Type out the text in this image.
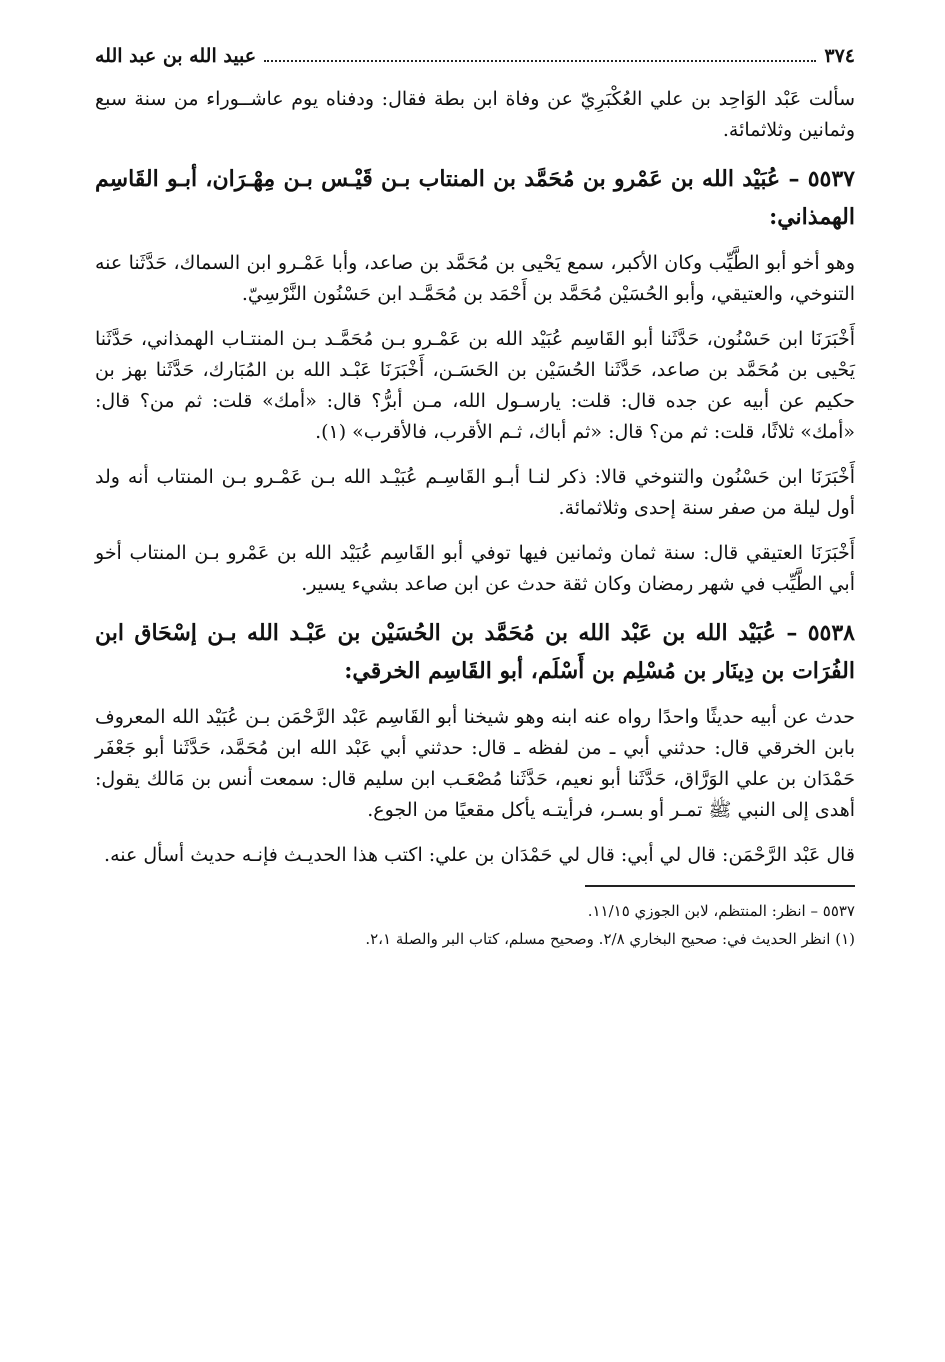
٣٧٤
عبيد الله بن عبد الله

سألت عَبْد الوَاحِد بن علي العُكْبَرِيّ عن وفاة ابن بطة فقال: ودفناه يوم عاشــوراء من سنة سبع وثمانين وثلاثمائة.

٥٥٣٧ – عُبَيْد الله بن عَمْرو بن مُحَمَّد بن المنتاب بـن قَيْـس بـن مِهْـرَان، أبـو القَاسِم الهمذاني:

وهو أخو أبو الطَّيِّب وكان الأكبر، سمع يَحْيى بن مُحَمَّد بن صاعد، وأبا عَمْـرو ابن السماك، حَدَّثَنا عنه التنوخي، والعتيقي، وأبو الحُسَيْن مُحَمَّد بن أَحْمَد بن مُحَمَّـد ابن حَسْنُون النَّرْسِيّ.

أَخْبَرَنَا ابن حَسْنُون، حَدَّثَنا أبو القَاسِم عُبَيْد الله بن عَمْـرو بـن مُحَمَّـد بـن المنتـاب الهمذاني، حَدَّثَنا يَحْيى بن مُحَمَّد بن صاعد، حَدَّثَنا الحُسَيْن بن الحَسَـن، أَخْبَرَنَا عَبْـد الله بن المُبَارك، حَدَّثَنا بهز بن حكيم عن أبيه عن جده قال: قلت: يارسـول الله، مـن أبرُّ؟ قال: «أمك» قلت: ثم من؟ قال: «أمك» ثلاثًا، قلت: ثم من؟ قال: «ثم أباك، ثـم الأقرب، فالأقرب» (١).

أَخْبَرَنَا ابن حَسْنُون والتنوخي قالا: ذكر لنـا أبـو القَاسِـم عُبَيْـد الله بـن عَمْـرو بـن المنتاب أنه ولد أول ليلة من صفر سنة إحدى وثلاثمائة.

أَخْبَرَنَا العتيقي قال: سنة ثمان وثمانين فيها توفي أبو القَاسِم عُبَيْد الله بن عَمْرو بـن المنتاب أخو أبي الطَّيِّب في شهر رمضان وكان ثقة حدث عن ابن صاعد بشيء يسير.

٥٥٣٨ – عُبَيْد الله بن عَبْد الله بن مُحَمَّد بن الحُسَيْن بن عَبْـد الله بـن إسْحَاق ابن الفُرَات بن دِينَار بن مُسْلِم بن أَسْلَم، أبو القَاسِم الخرقي:

حدث عن أبيه حديثًا واحدًا رواه عنه ابنه وهو شيخنا أبو القَاسِم عَبْد الرَّحْمَن بـن عُبَيْد الله المعروف بابن الخرقي قال: حدثني أبي ـ من لفظه ـ قال: حدثني أبي عَبْد الله ابن مُحَمَّد، حَدَّثَنا أبو جَعْفَر حَمْدَان بن علي الوَرَّاق، حَدَّثَنا أبو نعيم، حَدَّثَنا مُصْعَـب ابن سليم قال: سمعت أنس بن مَالك يقول: أهدى إلى النبي ﷺ تمـر أو بسـر، فرأيتـه يأكل مقعيًا من الجوع.

قال عَبْد الرَّحْمَن: قال لي أبي: قال لي حَمْدَان بن علي: اكتب هذا الحديـث فإنـه حديث أسأل عنه.

٥٥٣٧ – انظر: المنتظم، لابن الجوزي ١١/١٥.

(١) انظر الحديث في: صحيح البخاري ٢/٨. وصحيح مسلم، كتاب البر والصلة ٢،١.
